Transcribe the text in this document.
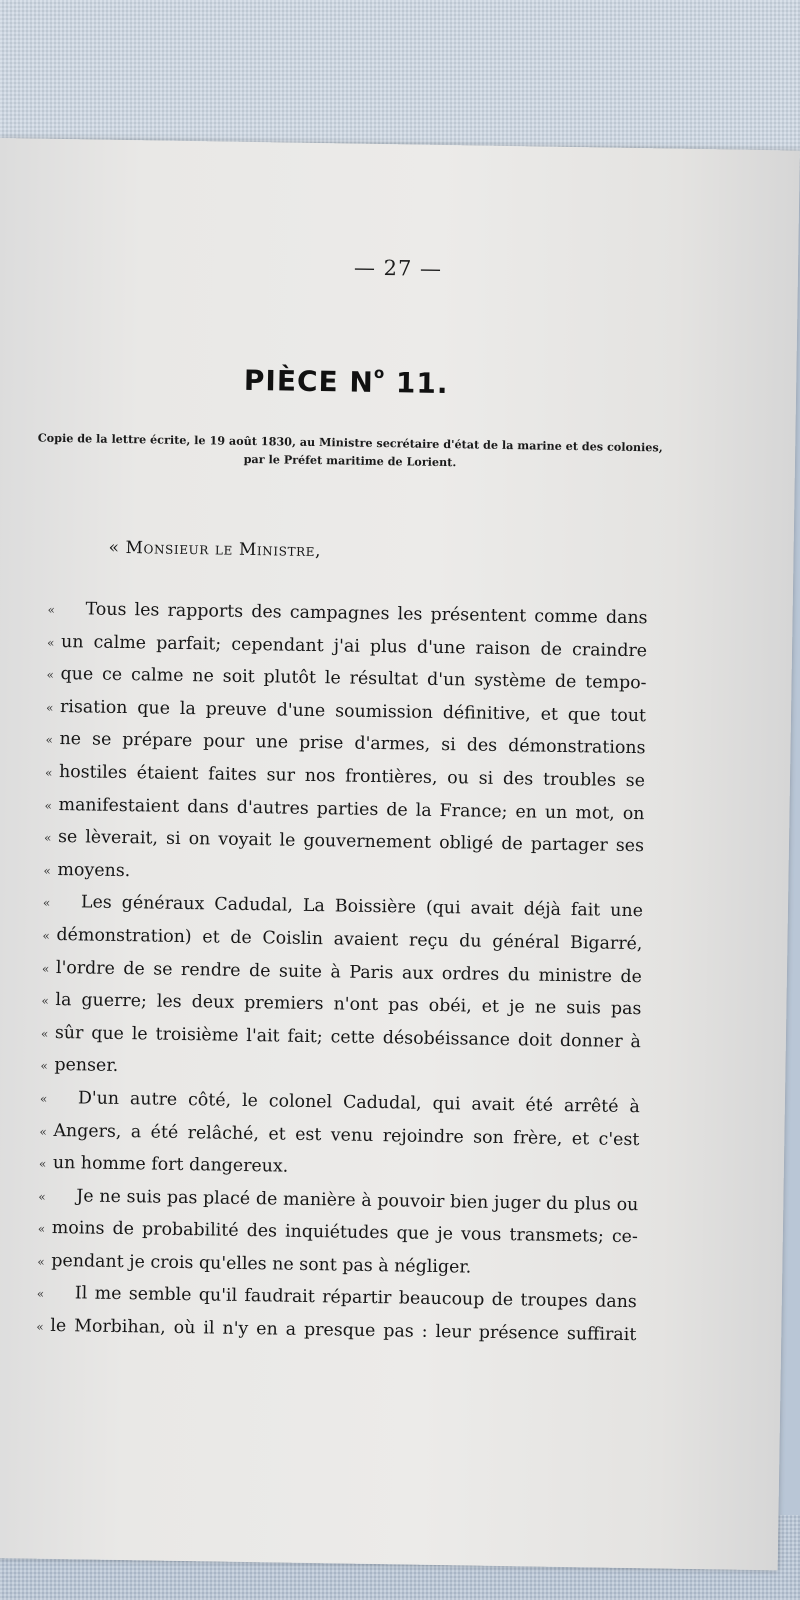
— 27 —
PIÈCE $N^o$ 11.
Copie de la lettre écrite, le 19 août 1830, au Ministre secrétaire d'état de la marine et des colonies,
par le Préfet maritime de Lorient.
« Monsieur le Ministre,
« Tous les rapports des campagnes les présentent comme dans
« un calme parfait; cependant j'ai plus d'une raison de craindre
« que ce calme ne soit plutôt le résultat d'un système de tempo-
« risation que la preuve d'une soumission définitive, et que tout
« ne se prépare pour une prise d'armes, si des démonstrations
« hostiles étaient faites sur nos frontières, ou si des troubles se
« manifestaient dans d'autres parties de la France; en un mot, on
« se lèverait, si on voyait le gouvernement obligé de partager ses
« moyens.
« Les généraux Cadudal, La Boissière (qui avait déjà fait une
« démonstration) et de Coislin avaient reçu du général Bigarré,
« l'ordre de se rendre de suite à Paris aux ordres du ministre de
« la guerre; les deux premiers n'ont pas obéi, et je ne suis pas
« sûr que le troisième l'ait fait; cette désobéissance doit donner à
« penser.
« D'un autre côté, le colonel Cadudal, qui avait été arrêté à
« Angers, a été relâché, et est venu rejoindre son frère, et c'est
« un homme fort dangereux.
« Je ne suis pas placé de manière à pouvoir bien juger du plus ou
« moins de probabilité des inquiétudes que je vous transmets; ce-
« pendant je crois qu'elles ne sont pas à négliger.
« Il me semble qu'il faudrait répartir beaucoup de troupes dans
« le Morbihan, où il n'y en a presque pas : leur présence suffirait
